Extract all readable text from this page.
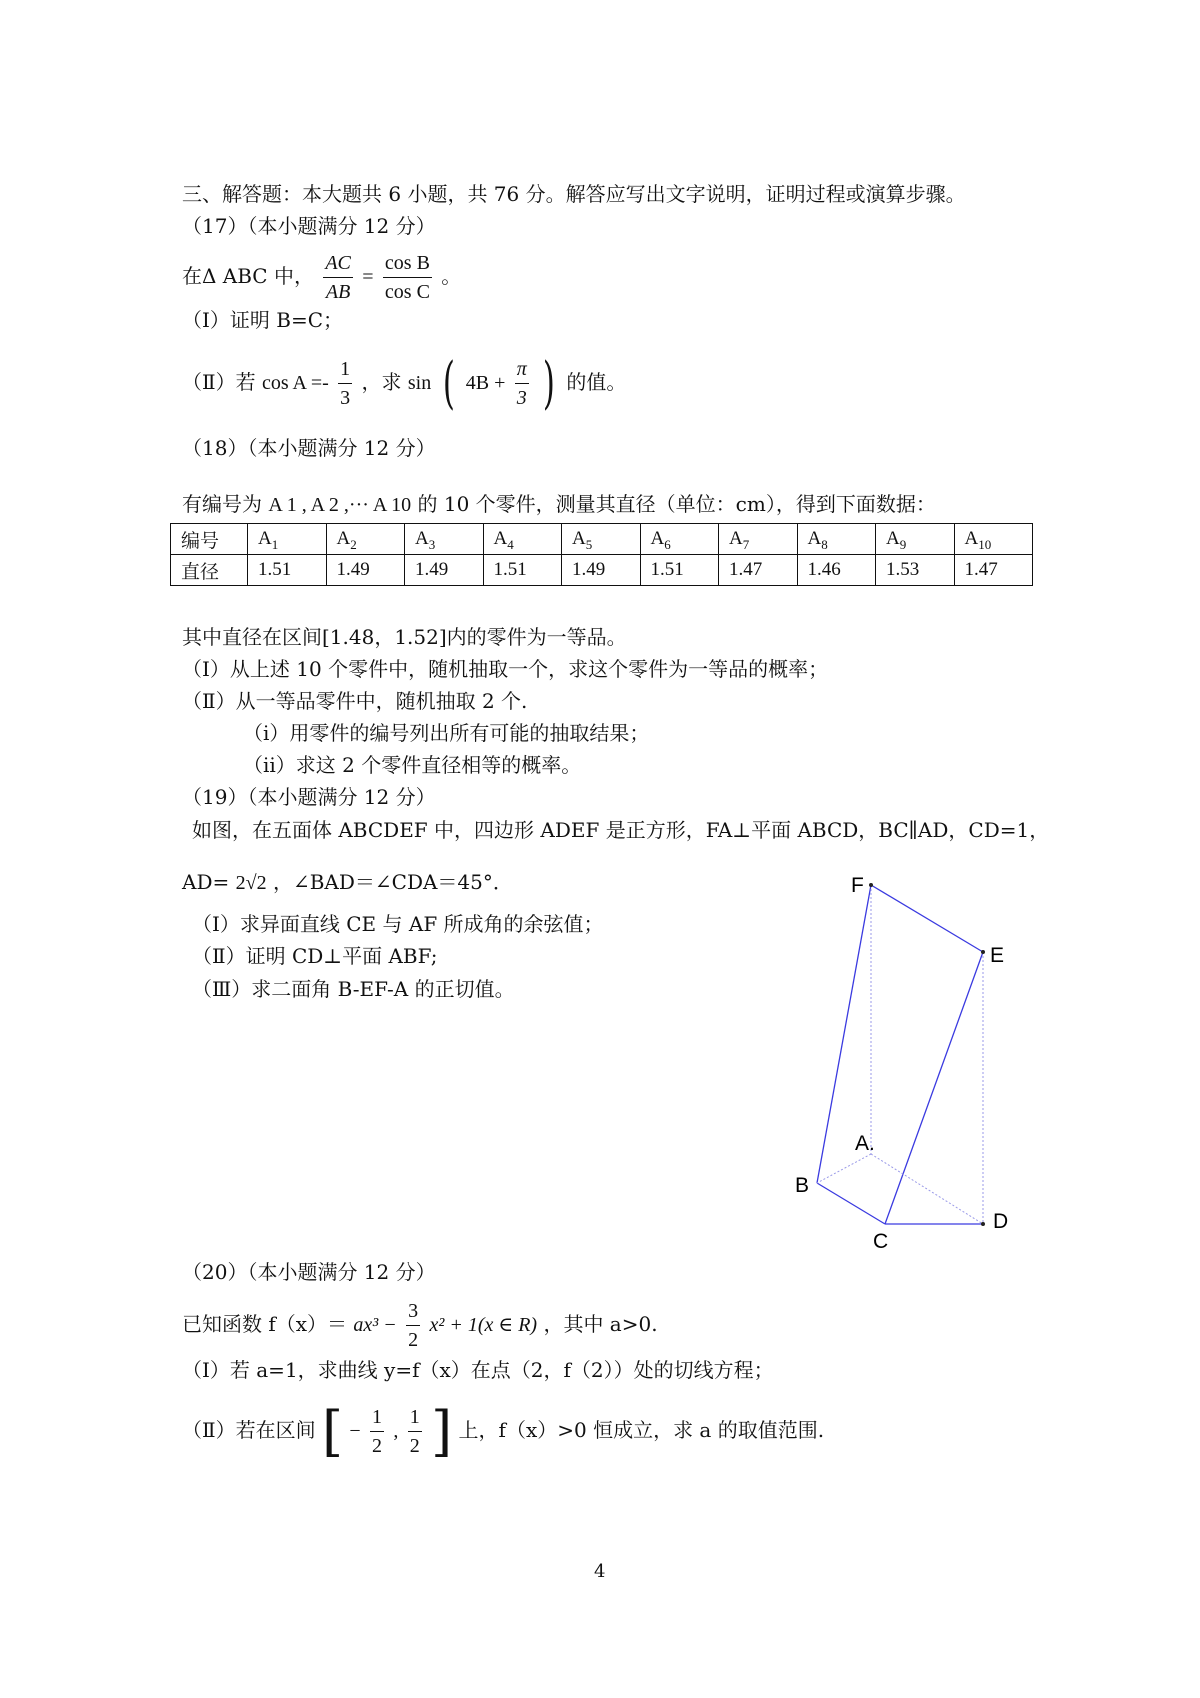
三、解答题：本大题共 6 小题，共 76 分。解答应写出文字说明，证明过程或演算步骤。
（17）（本小题满分 12 分）
在Δ ABC 中， $\frac{AC}{AB} = \frac{\text{cos B}}{\text{cos C}}$ 。
（Ⅰ）证明 B=C；
（Ⅱ）若 $\cos A =- \frac{1}{3}$ ，求 sin ( $4B + \frac{\pi}{3}$ ) 的值。
（18）（本小题满分 12 分）
有编号为 A 1 , A 2 ,··· A 10 的 10 个零件，测量其直径（单位：cm），得到下面数据：
编号	$A_1$	$A_2$	$A_3$	$A_4$	$A_5$	$A_6$	$A_7$	$A_8$	$A_9$	$A_{10}$
直径	1.51	1.49	1.49	1.51	1.49	1.51	1.47	1.46	1.53	1.47
其中直径在区间[1.48，1.52]内的零件为一等品。
（Ⅰ）从上述 10 个零件中，随机抽取一个，求这个零件为一等品的概率；
（Ⅱ）从一等品零件中，随机抽取 2 个.
（ⅰ）用零件的编号列出所有可能的抽取结果；
（ⅱ）求这 2 个零件直径相等的概率。
（19）（本小题满分 12 分）
如图，在五面体 ABCDEF 中，四边形 ADEF 是正方形，FA⊥平面 ABCD，BC∥AD，CD=1，
AD= 2√2 ，∠BAD＝∠CDA＝45°．
（Ⅰ）求异面直线 CE 与 AF 所成角的余弦值；
（Ⅱ）证明 CD⊥平面 ABF;
（Ⅲ）求二面角 B-EF-A 的正切值。
F
E
A.
B
C
D
（20）（本小题满分 12 分）
已知函数 $f(x)= ax^3 - \frac{3}{2} x^2 + 1(x$ ∈ R) ，其中 a>0.
（Ⅰ）若 a=1，求曲线 y=f（x）在点（2，f（2））处的切线方程；
（Ⅱ）若在区间 [ − $\frac{1}{2}$ , $\frac{1}{2}$ ] 上，f（x）>0 恒成立，求 a 的取值范围.
4
